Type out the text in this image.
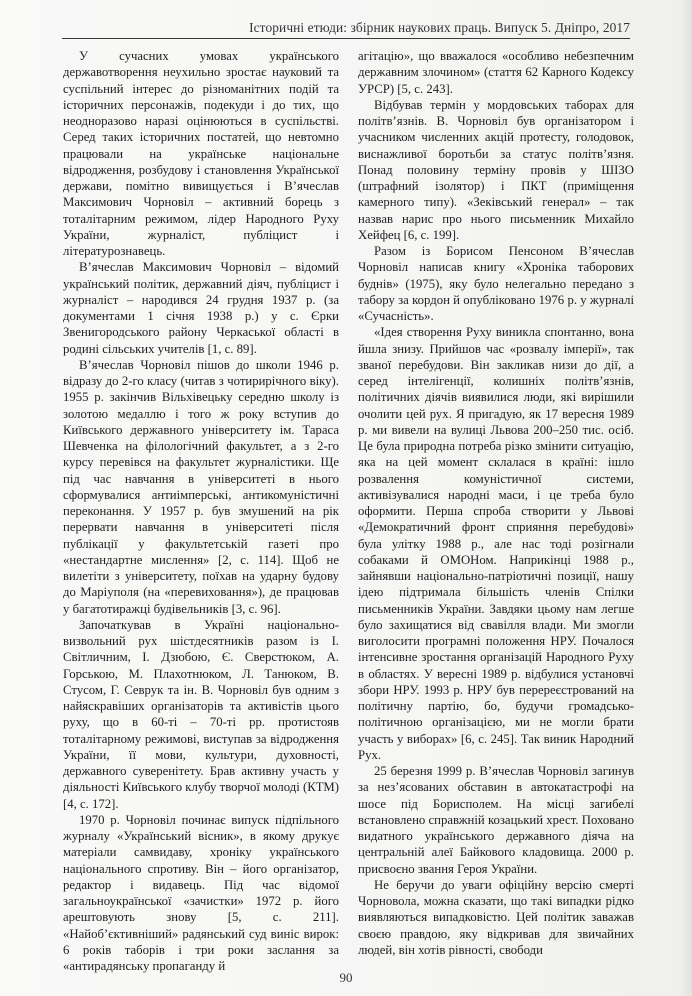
Історичні етюди: збірник наукових праць. Випуск 5. Дніпро, 2017

У сучасних умовах українського державотворення неухильно зростає науковий та суспільний інтерес до різноманітних подій та історичних персонажів, подекуди і до тих, що неодноразово наразі оцінюються в суспільстві. Серед таких історичних постатей, що невтомно працювали на українське національне відродження, розбудову і становлення Української держави, помітно вивищується і В’ячеслав Максимович Чорновіл – активний борець з тоталітарним режимом, лідер Народного Руху України, журналіст, публіцист і літературознавець.

В’ячеслав Максимович Чорновіл – відомий український політик, державний діяч, публіцист і журналіст – народився 24 грудня 1937 р. (за документами 1 січня 1938 р.) у с. Єрки Звенигородського району Черкаської області в родині сільських учителів [1, с. 89].

В’ячеслав Чорновіл пішов до школи 1946 р. відразу до 2-го класу (читав з чотирирічного віку). 1955 р. закінчив Вільхівецьку середню школу із золотою медаллю і того ж року вступив до Київського державного університету ім. Тараса Шевченка на філологічний факультет, а з 2-го курсу перевівся на факультет журналістики. Ще під час навчання в університеті в нього сформувалися антиімперські, антикомуністичні переконання. У 1957 р. був змушений на рік перервати навчання в університеті після публікації у факультетській газеті про «нестандартне мислення» [2, с. 114]. Щоб не вилетіти з університету, поїхав на ударну будову до Маріуполя (на «перевиховання»), де працював у багатотиражці будівельників [3, с. 96].

Започаткував в Україні національно-визвольний рух шістдесятників разом із І. Світличним, І. Дзюбою, Є. Сверстюком, А. Горською, М. Плахотнюком, Л. Танюком, В. Стусом, Г. Севрук та ін. В. Чорновіл був одним з найяскравіших організаторів та активістів цього руху, що в 60-ті – 70-ті рр. протистояв тоталітарному режимові, виступав за відродження України, її мови, культури, духовності, державного суверенітету. Брав активну участь у діяльності Київського клубу творчої молоді (КТМ) [4, с. 172].

1970 р. Чорновіл починає випуск підпільного журналу «Український вісник», в якому друкує матеріали самвидаву, хроніку українського національного спротиву. Він – його організатор, редактор і видавець. Під час відомої загальноукраїнської «зачистки» 1972 р. його арештовують знову [5, с. 211]. «Найоб’єктивніший» радянський суд виніс вирок: 6 років таборів і три роки заслання за «антирадянську пропаганду й

агітацію», що вважалося «особливо небезпечним державним злочином» (стаття 62 Карного Кодексу УРСР) [5, с. 243].

Відбував термін у мордовських таборах для політв’язнів. В. Чорновіл був організатором і учасником численних акцій протесту, голодовок, виснажливої боротьби за статус політв’язня. Понад половину терміну провів у ШІЗО (штрафний ізолятор) і ПКТ (приміщення камерного типу). «Зеківський генерал» – так назвав нарис про нього письменник Михайло Хейфец [6, с. 199].

Разом із Борисом Пенсоном В’ячеслав Чорновіл написав книгу «Хроніка таборових буднів» (1975), яку було нелегально передано з табору за кордон й опубліковано 1976 р. у журналі «Сучасність».

«Ідея створення Руху виникла спонтанно, вона йшла знизу. Прийшов час «розвалу імперії», так званої перебудови. Він закликав низи до дії, а серед інтелігенції, колишніх політв’язнів, політичних діячів виявилися люди, які вирішили очолити цей рух. Я пригадую, як 17 вересня 1989 р. ми вивели на вулиці Львова 200–250 тис. осіб. Це була природна потреба різко змінити ситуацію, яка на цей момент склалася в країні: ішло розвалення комуністичної системи, активізувалися народні маси, і це треба було оформити. Перша спроба створити у Львові «Демократичний фронт сприяння перебудові» була улітку 1988 р., але нас тоді розігнали собаками й ОМОНом. Наприкінці 1988 р., зайнявши національно-патріотичні позиції, нашу ідею підтримала більшість членів Спілки письменників України. Завдяки цьому нам легше було захищатися від свавілля влади. Ми змогли виголосити програмні положення НРУ. Почалося інтенсивне зростання організацій Народного Руху в областях. У вересні 1989 р. відбулися установчі збори НРУ. 1993 р. НРУ був перереєстрований на політичну партію, бо, будучи громадсько-політичною організацією, ми не могли брати участь у виборах» [6, с. 245]. Так виник Народний Рух.

25 березня 1999 р. В’ячеслав Чорновіл загинув за нез’ясованих обставин в автокатастрофі на шосе під Борисполем. На місці загибелі встановлено справжній козацький хрест. Поховано видатного українського державного діяча на центральній алеї Байкового кладовища. 2000 р. присвоєно звання Героя України.

Не беручи до уваги офіційну версію смерті Чорновола, можна сказати, що такі випадки рідко виявляються випадковістю. Цей політик заважав своєю правдою, яку відкривав для звичайних людей, він хотів рівності, свободи

90
